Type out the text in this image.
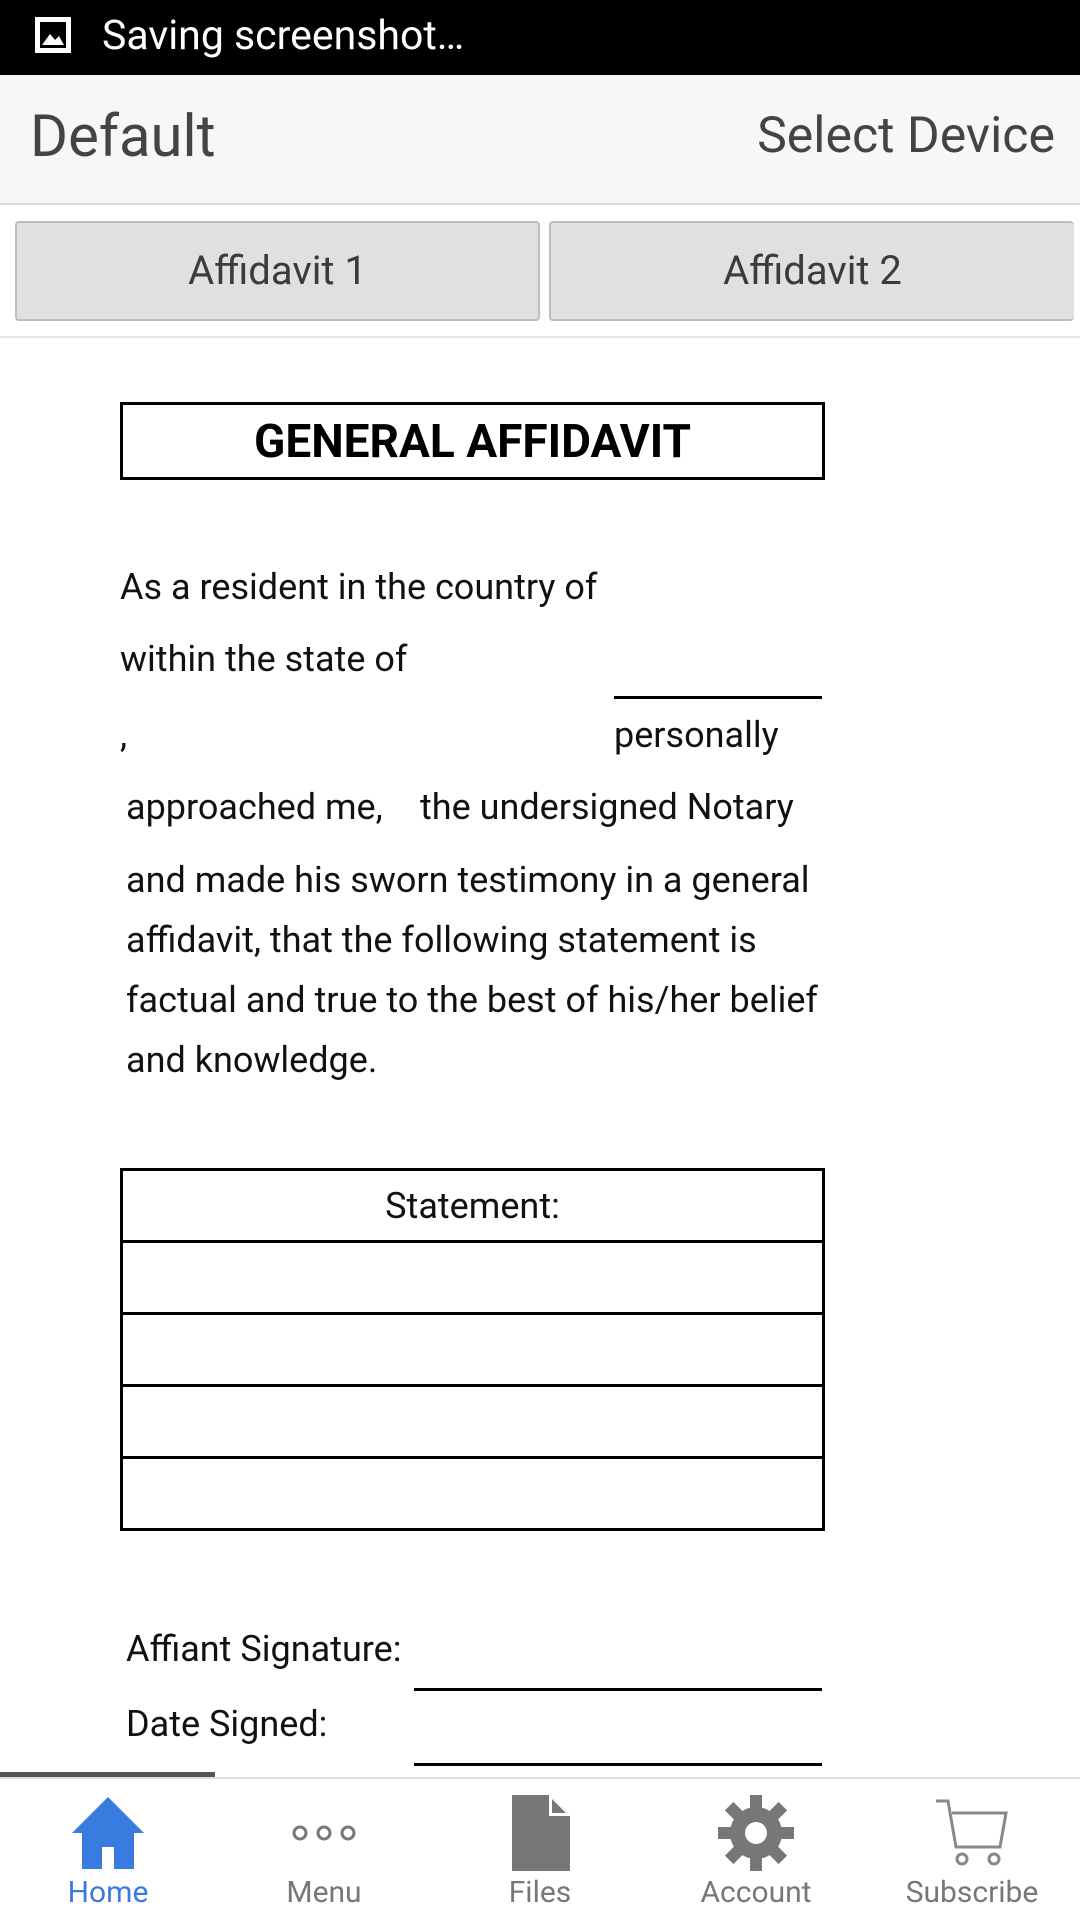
Saving screenshot…
Default	Select Device
Affidavit 1	Affidavit 2
GENERAL AFFIDAVIT
As a resident in the country of
within the state of
,	personally
approached me, the undersigned Notary
and made his sworn testimony in a general affidavit, that the following statement is factual and true to the best of his/her belief and knowledge.
Statement:

Affiant Signature:
Date Signed:
Home	Menu	Files	Account	Subscribe
